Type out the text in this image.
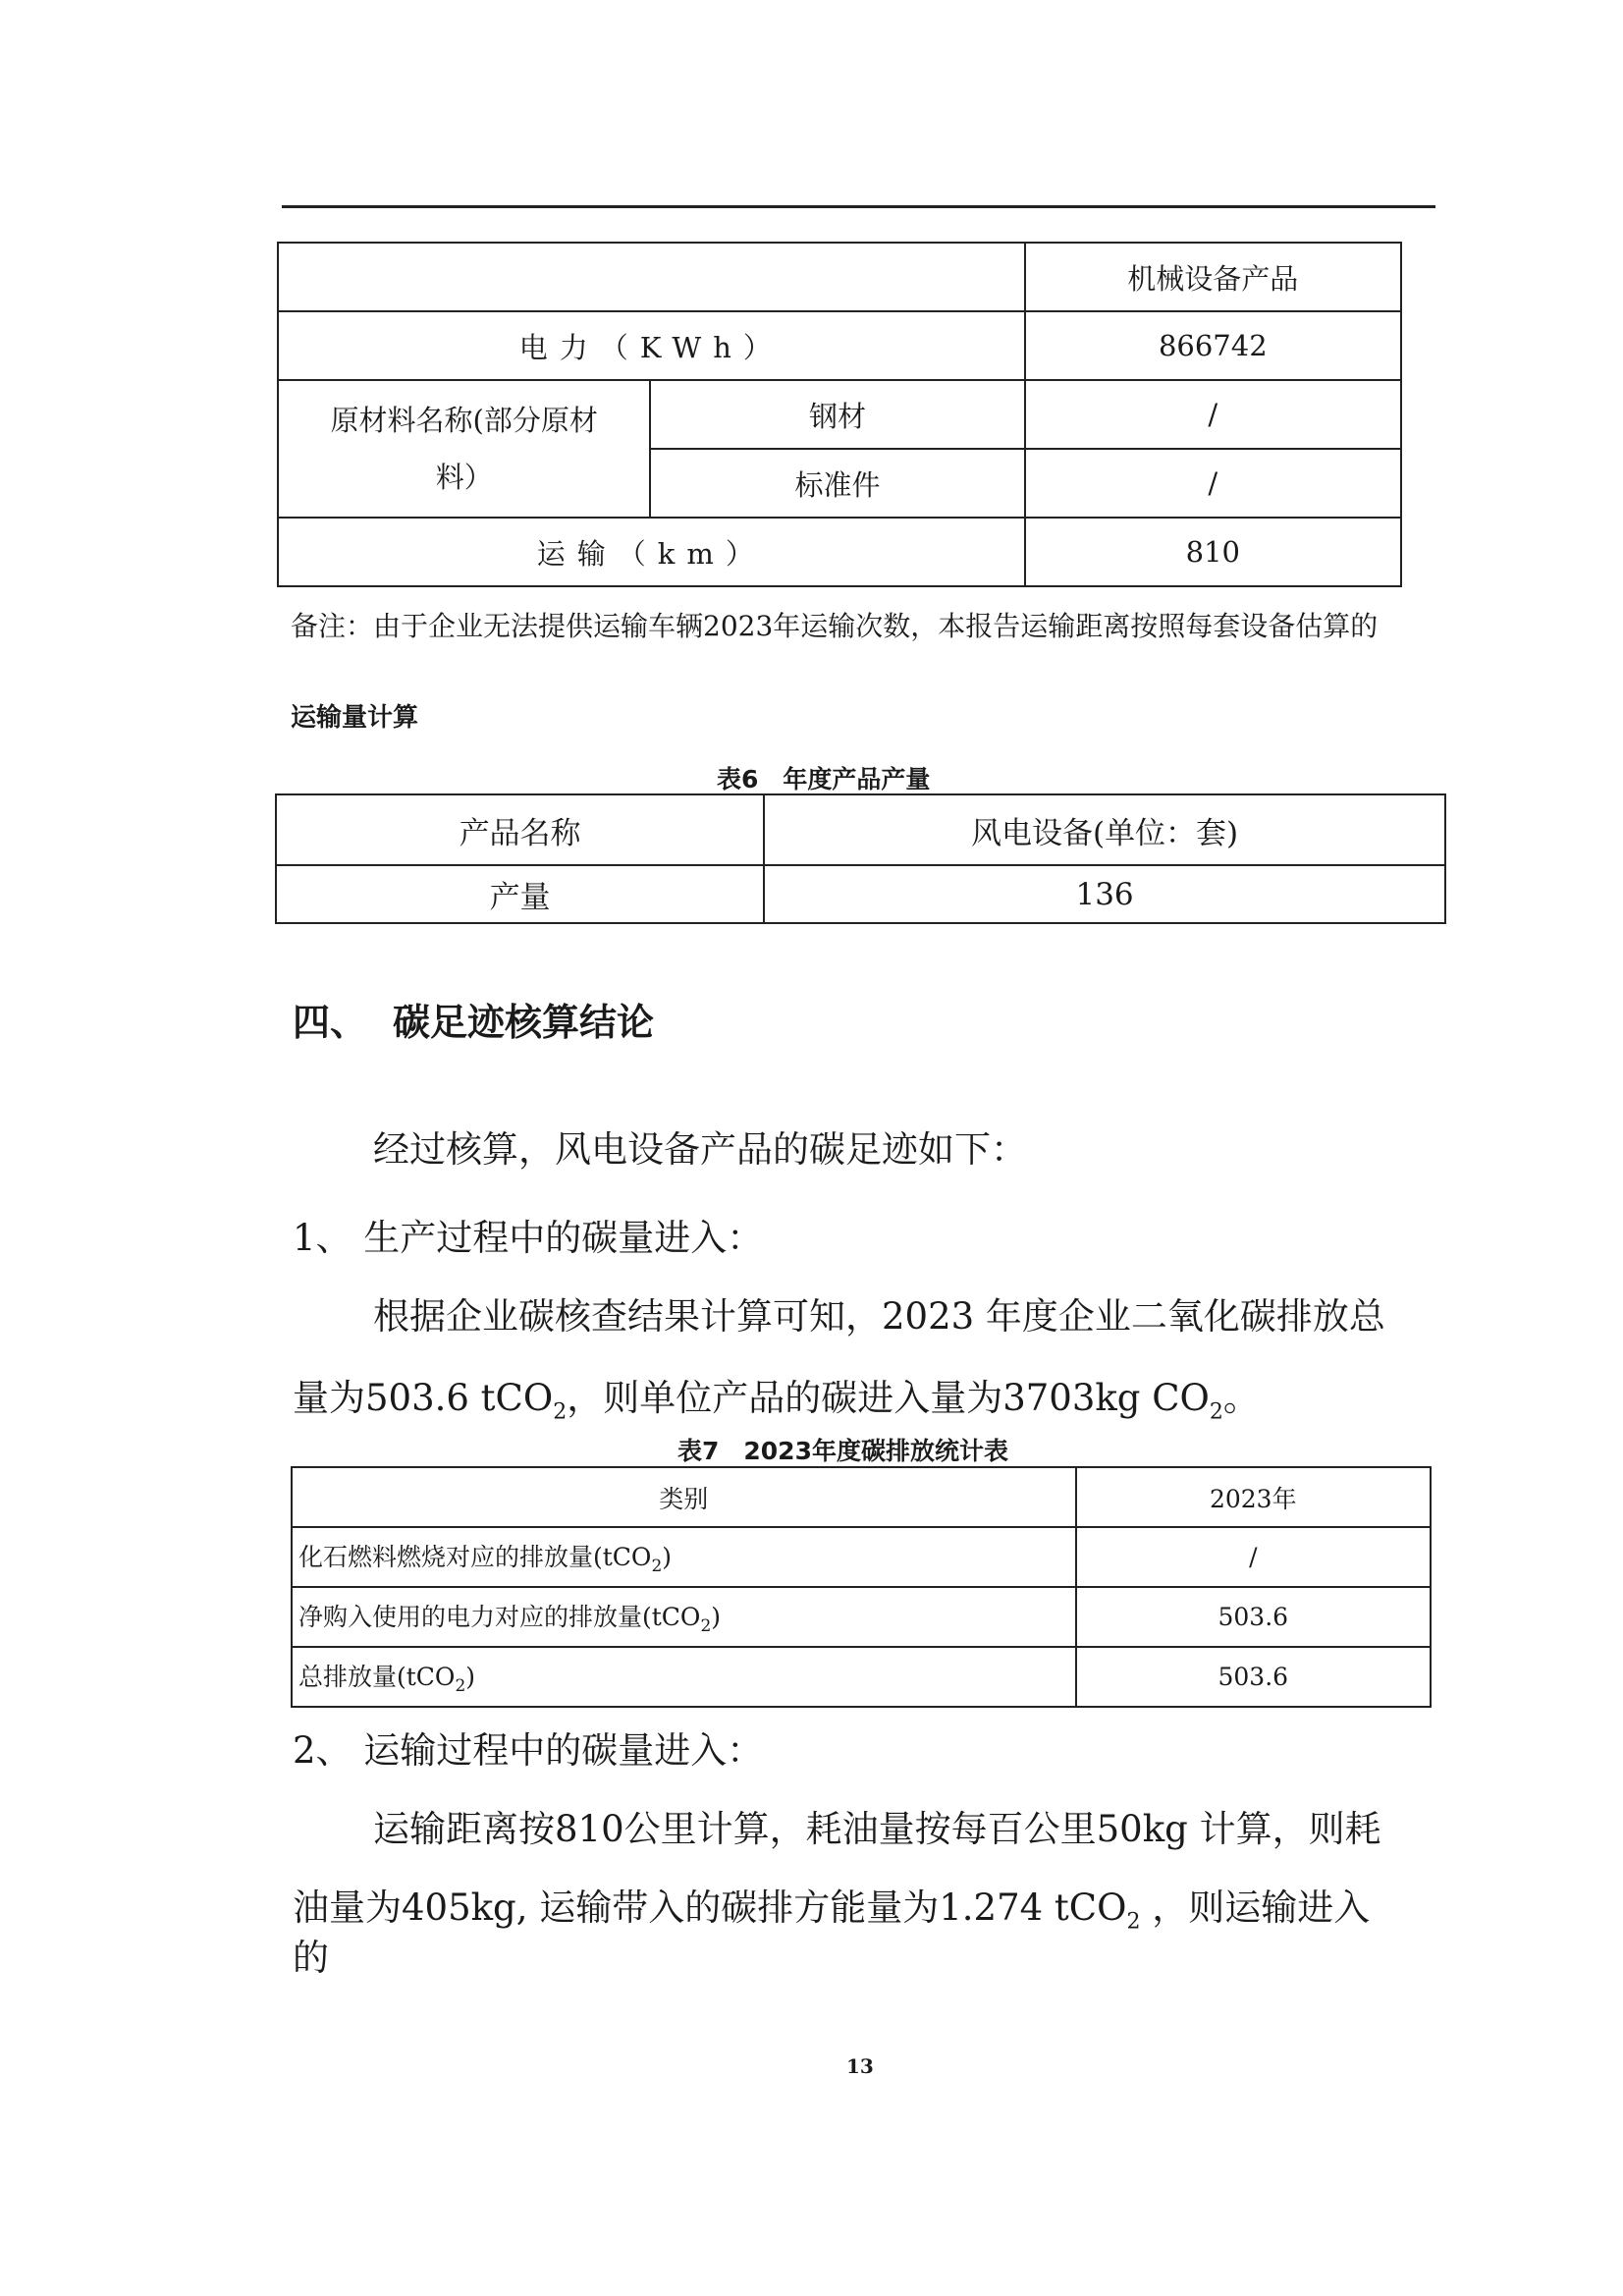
		机械设备产品
电力（KWh）		866742
原材料名称(部分原材料）	钢材	/
	标准件	/
运输（km）		810
备注：由于企业无法提供运输车辆2023年运输次数，本报告运输距离按照每套设备估算的
运输量计算
表6　年度产品产量
产品名称	风电设备(单位：套)
产量	136
四、 碳足迹核算结论
经过核算，风电设备产品的碳足迹如下：
1、 生产过程中的碳量进入：
根据企业碳核查结果计算可知，2023 年度企业二氧化碳排放总
量为503.6 tCO$_2$，则单位产品的碳进入量为3703kg $CO_2$。
表7　2023年度碳排放统计表
类别	2023年
化石燃料燃烧对应的排放量(tCO$_2$)	/
净购入使用的电力对应的排放量(tCO$_2$)	503.6
总排放量(tCO$_2$)	503.6
2、 运输过程中的碳量进入：
运输距离按810公里计算，耗油量按每百公里50kg 计算，则耗
油量为405kg, 运输带入的碳排方能量为1.274 tCO$_2$ ，则运输进入
的
13
